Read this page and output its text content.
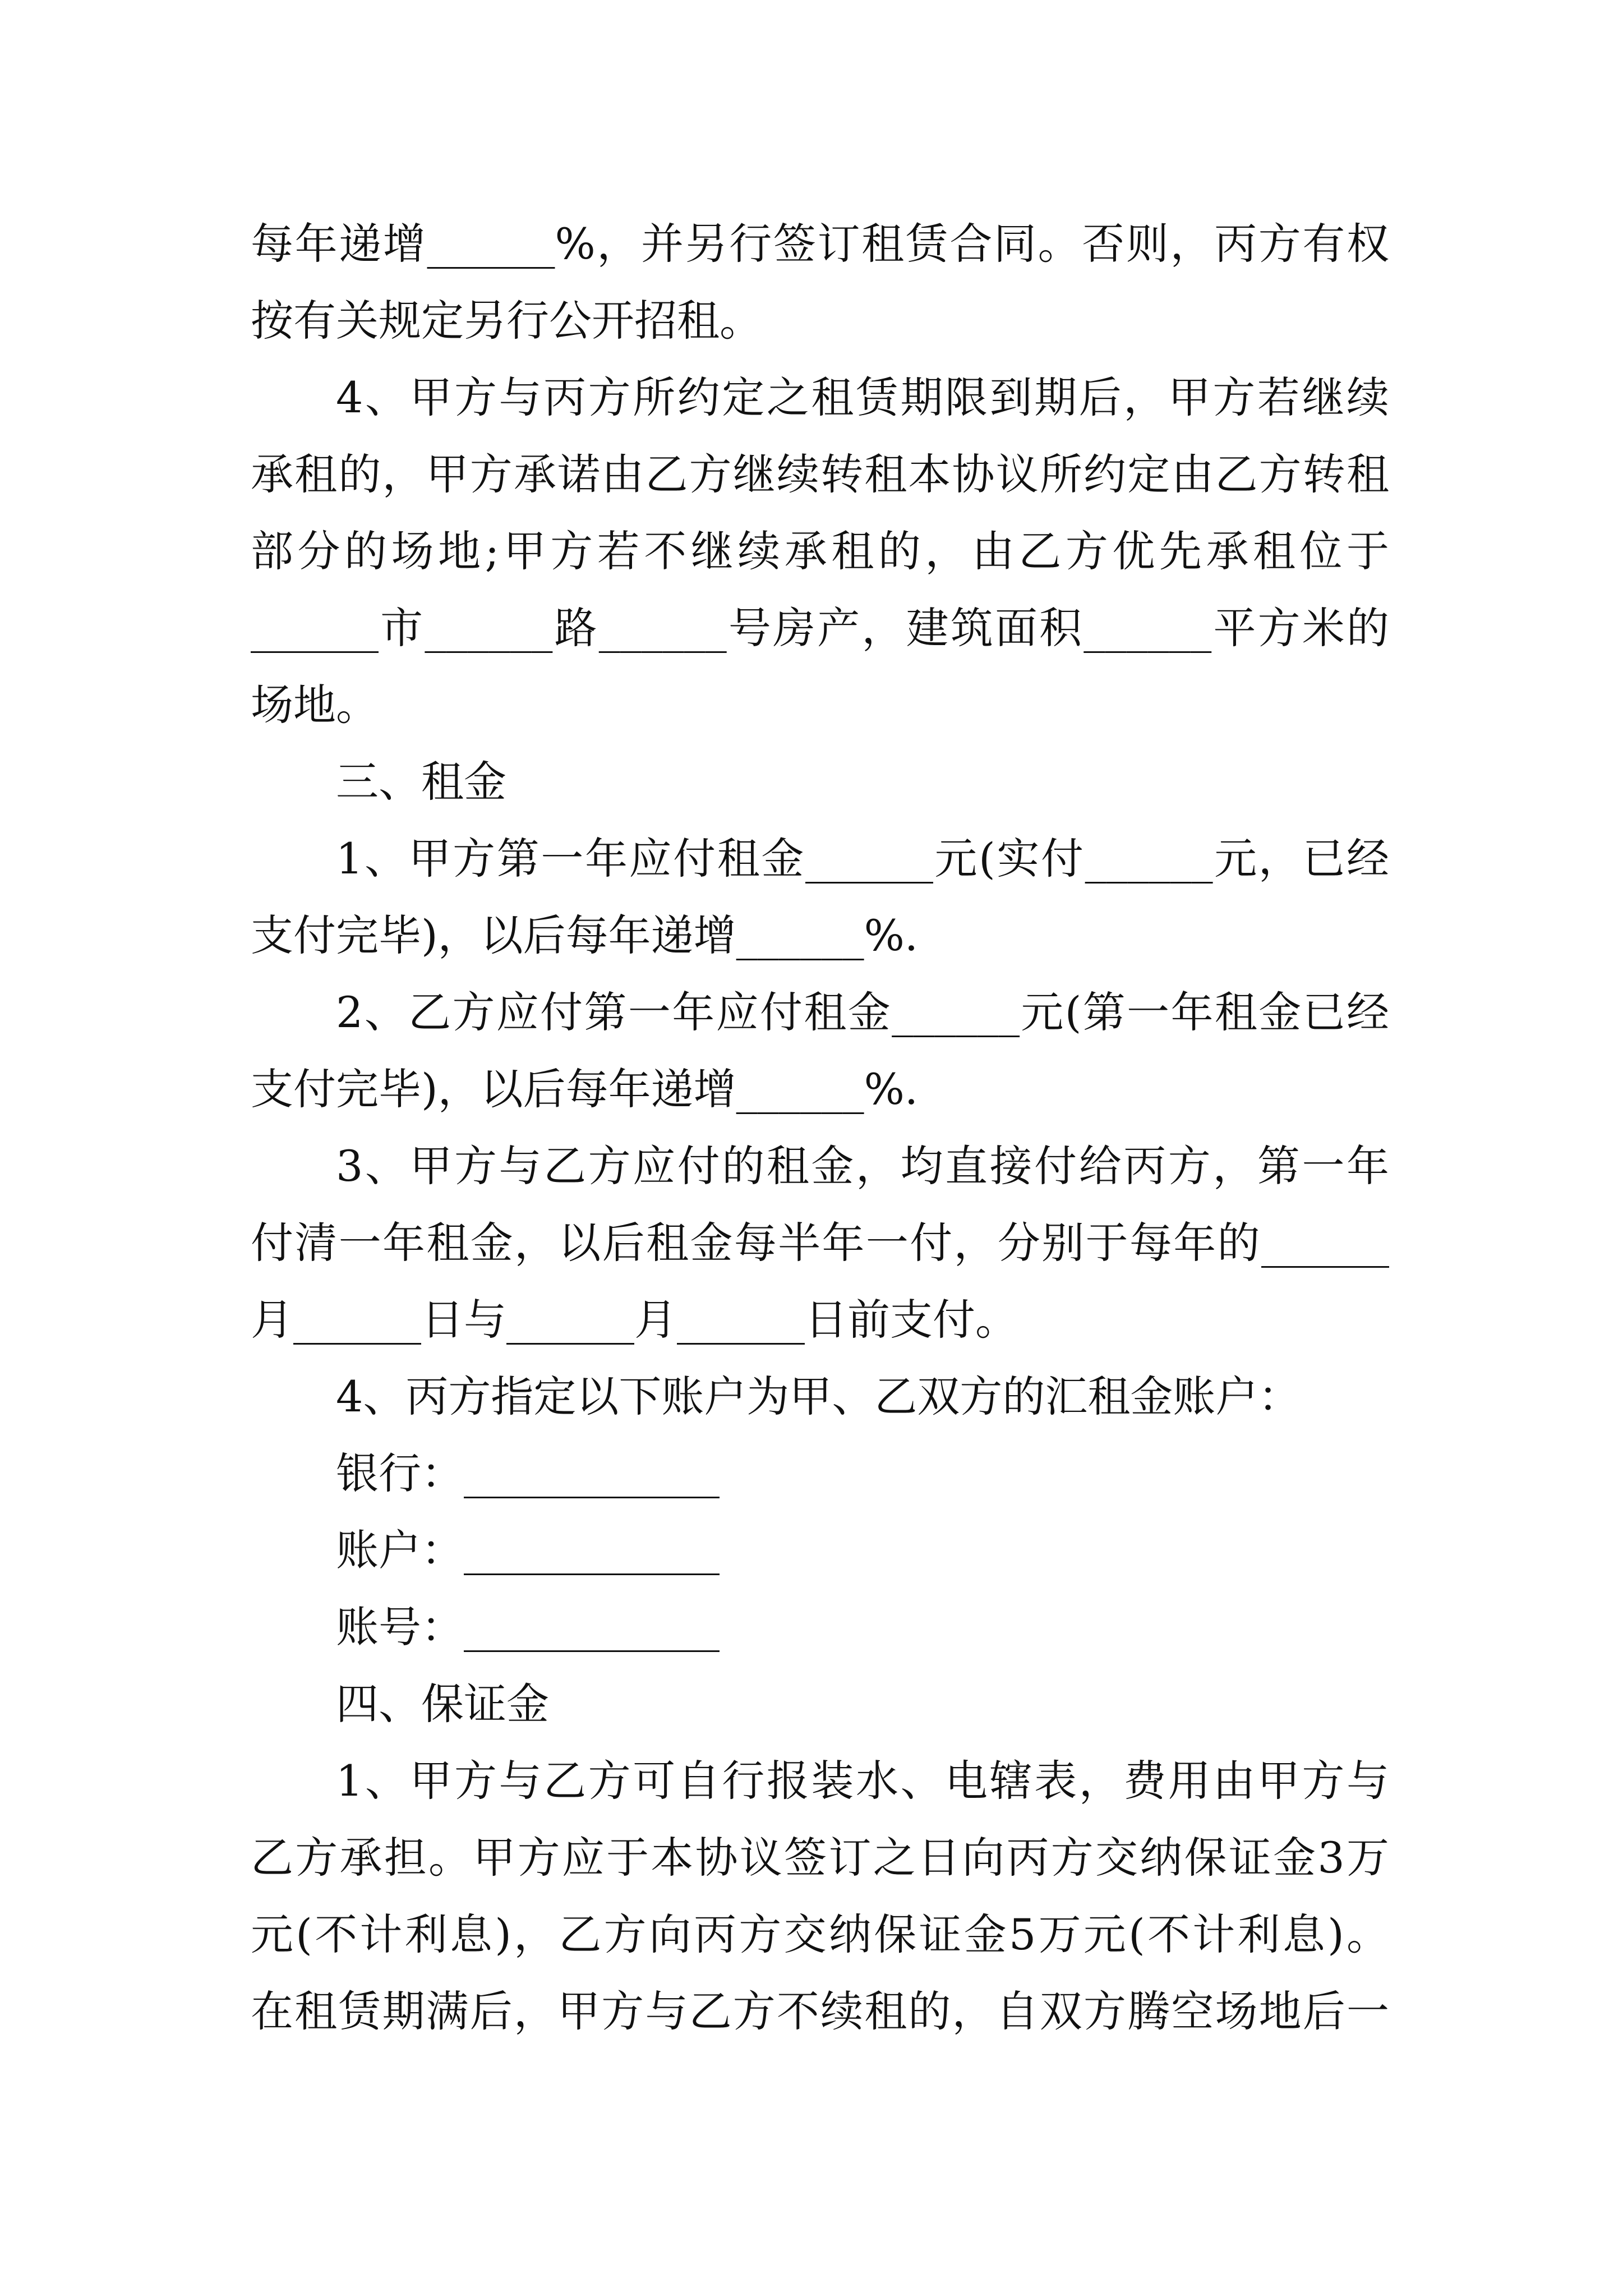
每年递增______%，并另行签订租赁合同。否则，丙方有权
按有关规定另行公开招租。
4、甲方与丙方所约定之租赁期限到期后，甲方若继续
承租的，甲方承诺由乙方继续转租本协议所约定由乙方转租
部分的场地;甲方若不继续承租的，由乙方优先承租位于
______市______路______号房产，建筑面积______平方米的
场地。
三、租金
1、甲方第一年应付租金______元(实付______元，已经
支付完毕)，以后每年递增______%.
2、乙方应付第一年应付租金______元(第一年租金已经
支付完毕)，以后每年递增______%.
3、甲方与乙方应付的租金，均直接付给丙方，第一年
付清一年租金，以后租金每半年一付，分别于每年的______
月______日与______月______日前支付。
4、丙方指定以下账户为甲、乙双方的汇租金账户：
银行：____________
账户：____________
账号：____________
四、保证金
1、甲方与乙方可自行报装水、电辖表，费用由甲方与
乙方承担。甲方应于本协议签订之日向丙方交纳保证金3万
元(不计利息)，乙方向丙方交纳保证金5万元(不计利息)。
在租赁期满后，甲方与乙方不续租的，自双方腾空场地后一
